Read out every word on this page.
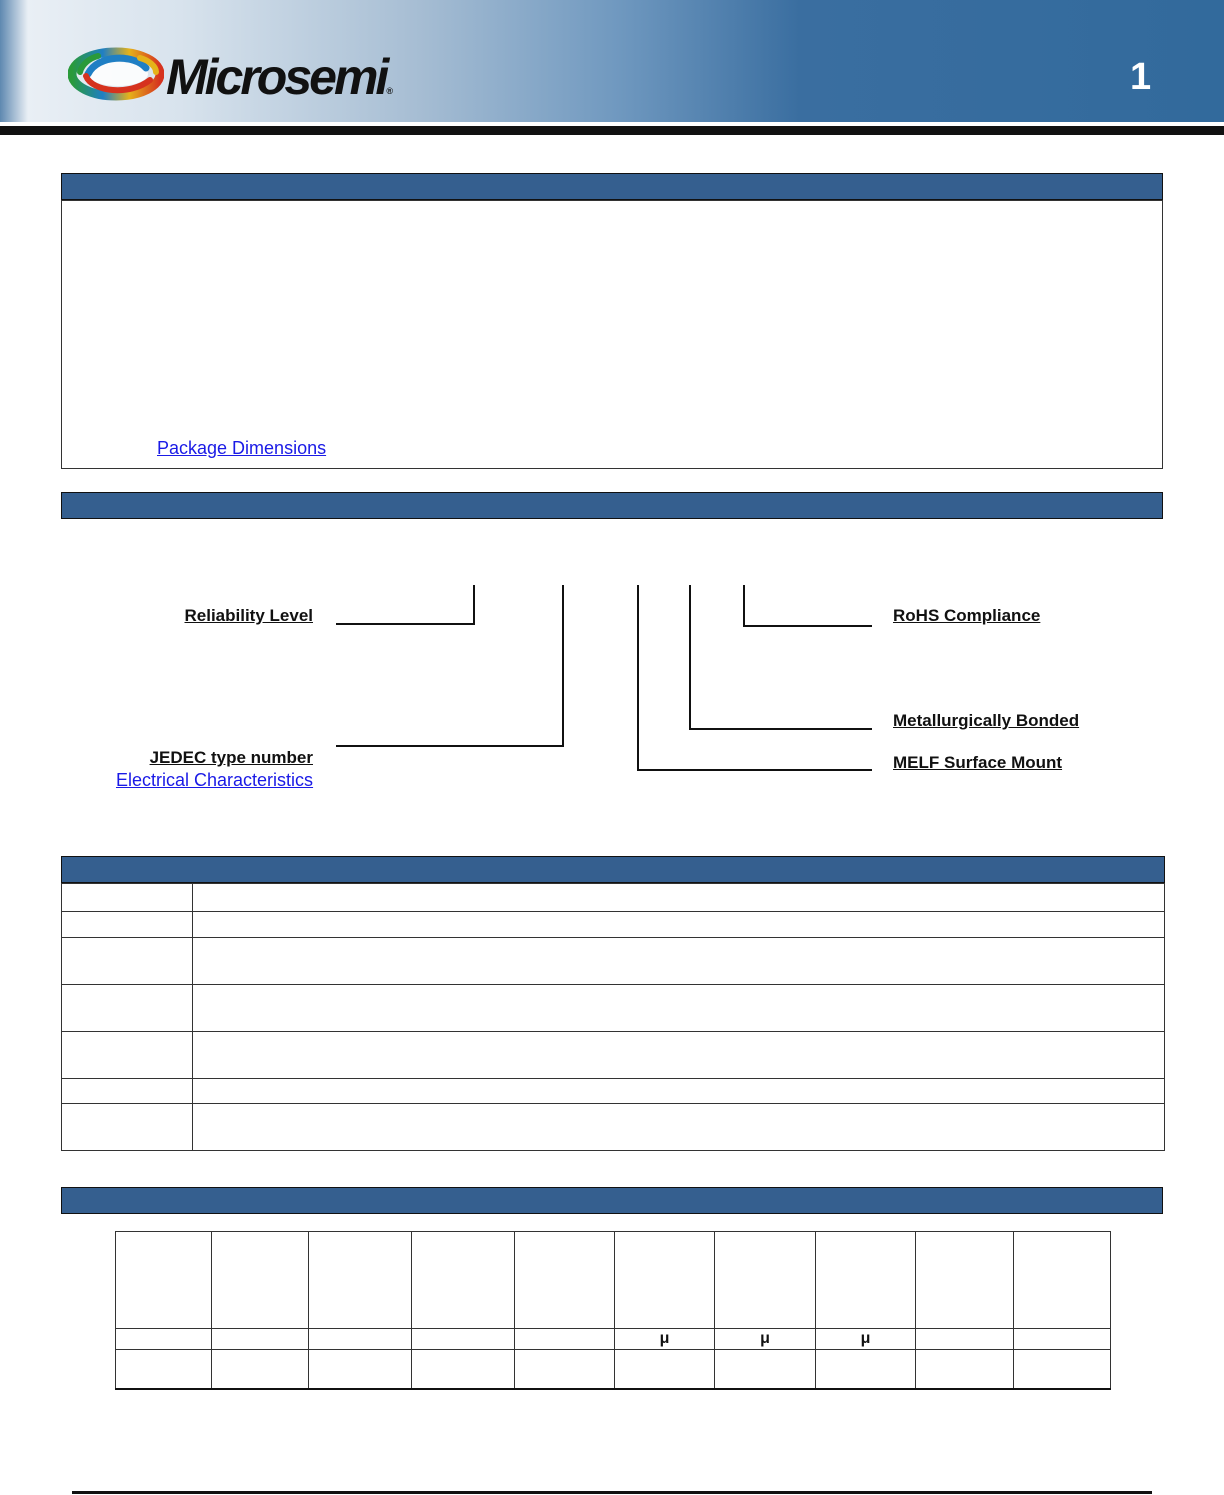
Microsemi®	1
Package Dimensions
Reliability Level
JEDEC type number
Electrical Characteristics
RoHS Compliance
Metallurgically Bonded
MELF Surface Mount

					μ	μ	μ		
